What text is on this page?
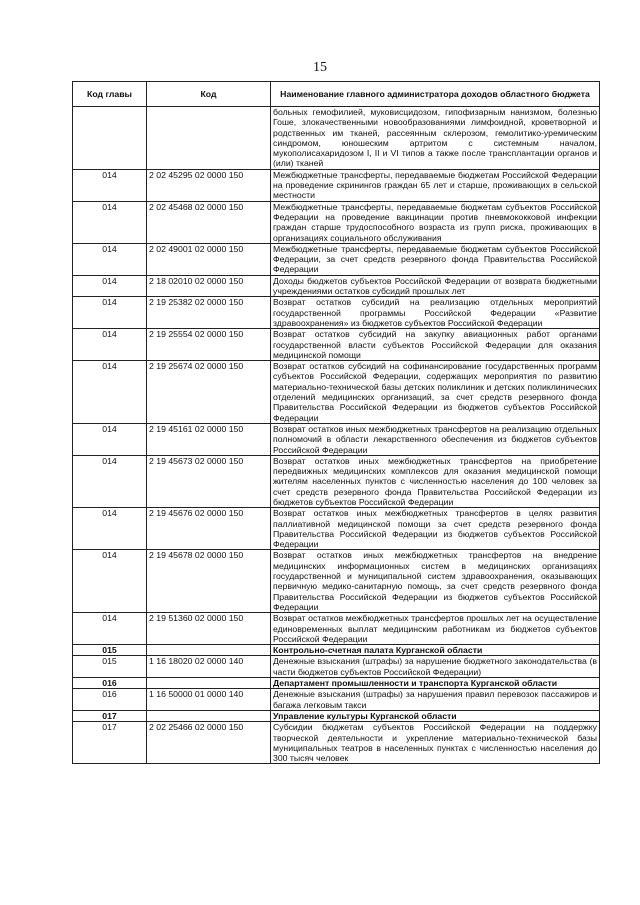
15
Код главы	Код	Наименование главного администратора доходов областного бюджета
		больных гемофилией, муковисцидозом, гипофизарным нанизмом, болезнью Гоше, злокачественными новообразованиями лимфоидной, кроветворной и родственных им тканей, рассеянным склерозом, гемолитико-уремическим синдромом, юношеским артритом с системным началом, мукополисахаридозом I, II и VI типов а также после трансплантации органов и (или) тканей
014	2 02 45295 02 0000 150	Межбюджетные трансферты, передаваемые бюджетам Российской Федерации на проведение скринингов граждан 65 лет и старше, проживающих в сельской местности
014	2 02 45468 02 0000 150	Межбюджетные трансферты, передаваемые бюджетам субъектов Российской Федерации на проведение вакцинации против пневмококковой инфекции граждан старше трудоспособного возраста из групп риска, проживающих в организациях социального обслуживания
014	2 02 49001 02 0000 150	Межбюджетные трансферты, передаваемые бюджетам субъектов Российской Федерации, за счет средств резервного фонда Правительства Российской Федерации
014	2 18 02010 02 0000 150	Доходы бюджетов субъектов Российской Федерации от возврата бюджетными учреждениями остатков субсидий прошлых лет
014	2 19 25382 02 0000 150	Возврат остатков субсидий на реализацию отдельных мероприятий государственной программы Российской Федерации «Развитие здравоохранения» из бюджетов субъектов Российской Федерации
014	2 19 25554 02 0000 150	Возврат остатков субсидий на закупку авиационных работ органами государственной власти субъектов Российской Федерации для оказания медицинской помощи
014	2 19 25674 02 0000 150	Возврат остатков субсидий на софинансирование государственных программ субъектов Российской Федерации, содержащих мероприятия по развитию материально-технической базы детских поликлиник и детских поликлинических отделений медицинских организаций, за счет средств резервного фонда Правительства Российской Федерации из бюджетов субъектов Российской Федерации
014	2 19 45161 02 0000 150	Возврат остатков иных межбюджетных трансфертов на реализацию отдельных полномочий в области лекарственного обеспечения из бюджетов субъектов Российской Федерации
014	2 19 45673 02 0000 150	Возврат остатков иных межбюджетных трансфертов на приобретение передвижных медицинских комплексов для оказания медицинской помощи жителям населенных пунктов с численностью населения до 100 человек за счет средств резервного фонда Правительства Российской Федерации из бюджетов субъектов Российской Федерации
014	2 19 45676 02 0000 150	Возврат остатков иных межбюджетных трансфертов в целях развития паллиативной медицинской помощи за счет средств резервного фонда Правительства Российской Федерации из бюджетов субъектов Российской Федерации
014	2 19 45678 02 0000 150	Возврат остатков иных межбюджетных трансфертов на внедрение медицинских информационных систем в медицинских организациях государственной и муниципальной систем здравоохранения, оказывающих первичную медико-санитарную помощь, за счет средств резервного фонда Правительства Российской Федерации из бюджетов субъектов Российской Федерации
014	2 19 51360 02 0000 150	Возврат остатков межбюджетных трансфертов прошлых лет на осуществление единовременных выплат медицинским работникам из бюджетов субъектов Российской Федерации
015		Контрольно-счетная палата Курганской области
015	1 16 18020 02 0000 140	Денежные взыскания (штрафы) за нарушение бюджетного законодательства (в части бюджетов субъектов Российской Федерации)
016		Департамент промышленности и транспорта Курганской области
016	1 16 50000 01 0000 140	Денежные взыскания (штрафы) за нарушения правил перевозок пассажиров и багажа легковым такси
017		Управление культуры Курганской области
017	2 02 25466 02 0000 150	Субсидии бюджетам субъектов Российской Федерации на поддержку творческой деятельности и укрепление материально-технической базы муниципальных театров в населенных пунктах с численностью населения до 300 тысяч человек
